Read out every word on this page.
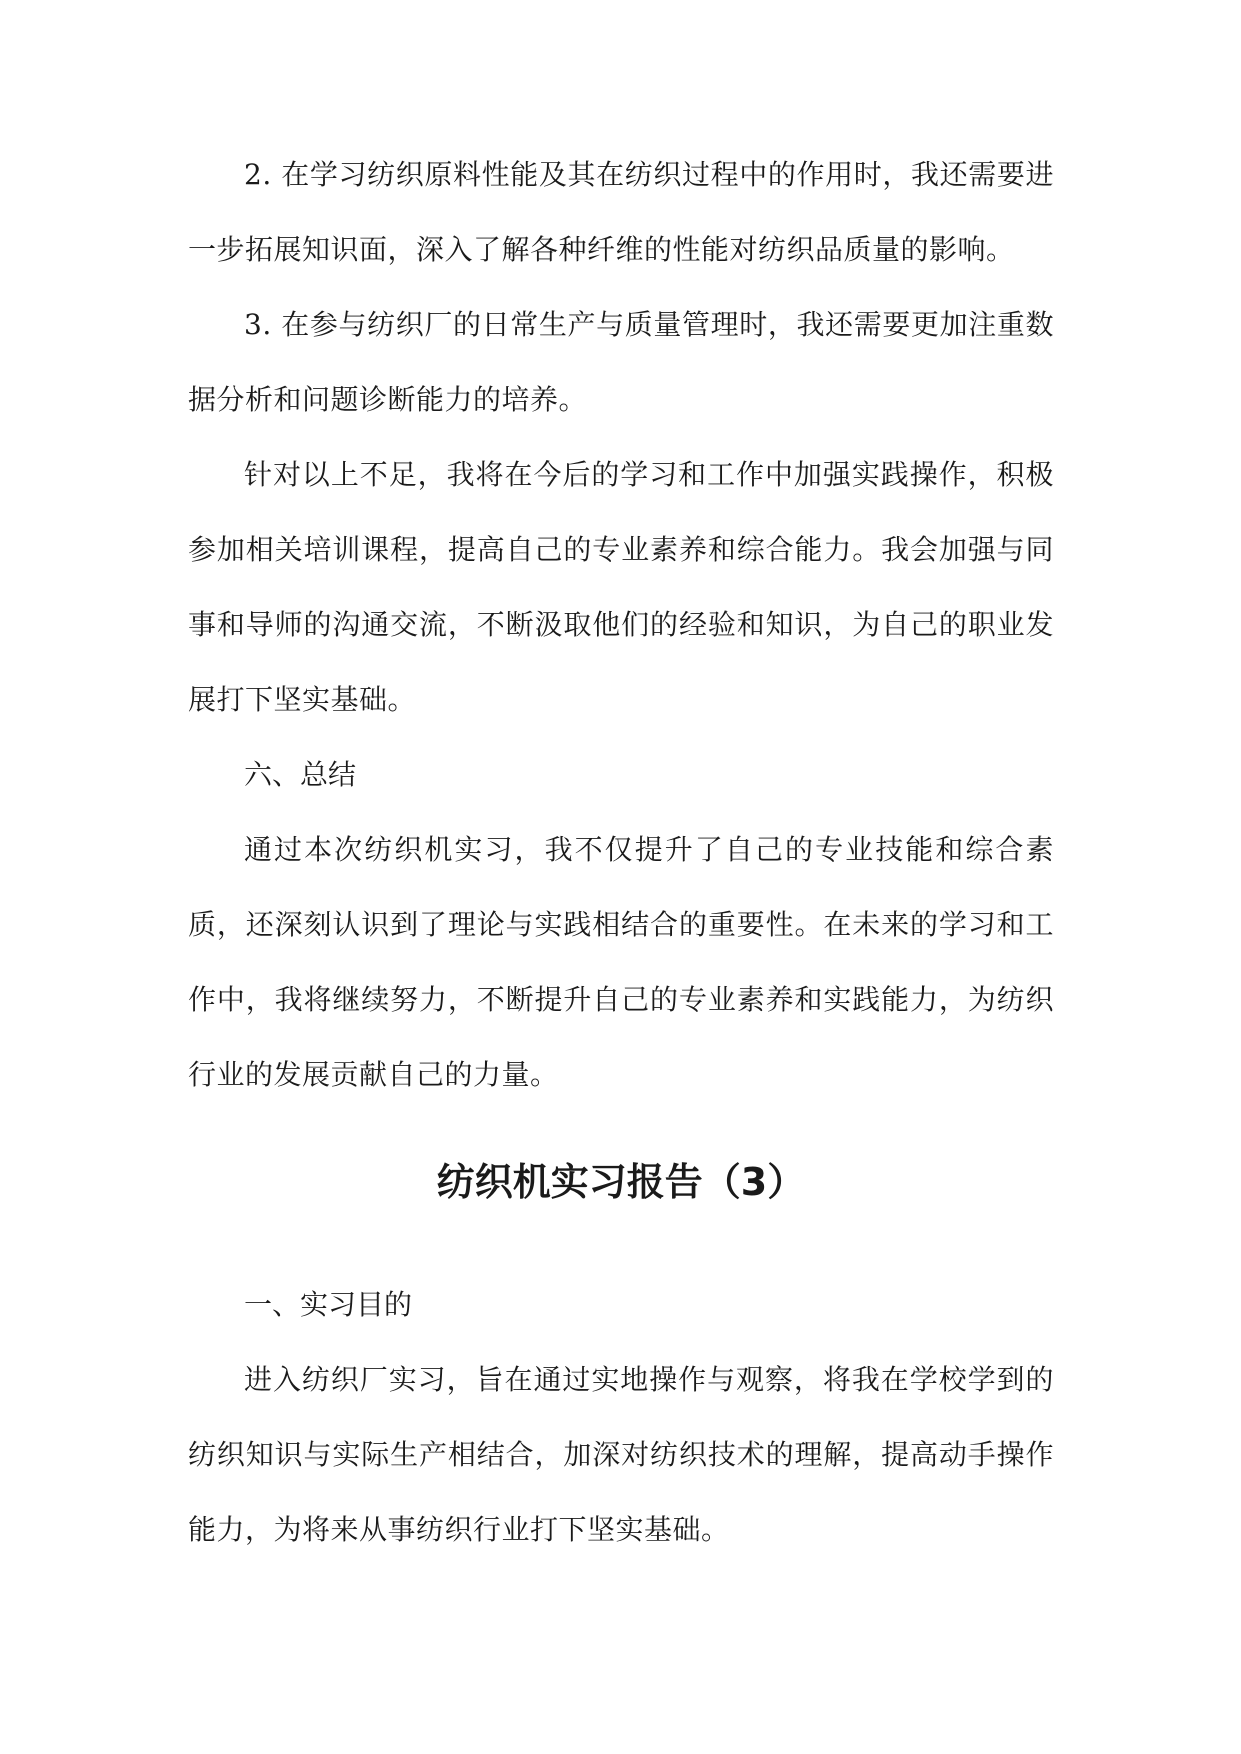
2. 在学习纺织原料性能及其在纺织过程中的作用时，我还需要进一步拓展知识面，深入了解各种纤维的性能对纺织品质量的影响。

3. 在参与纺织厂的日常生产与质量管理时，我还需要更加注重数据分析和问题诊断能力的培养。

针对以上不足，我将在今后的学习和工作中加强实践操作，积极参加相关培训课程，提高自己的专业素养和综合能力。我会加强与同事和导师的沟通交流，不断汲取他们的经验和知识，为自己的职业发展打下坚实基础。

六、总结

通过本次纺织机实习，我不仅提升了自己的专业技能和综合素质，还深刻认识到了理论与实践相结合的重要性。在未来的学习和工作中，我将继续努力，不断提升自己的专业素养和实践能力，为纺织行业的发展贡献自己的力量。

纺织机实习报告（3）

一、实习目的

进入纺织厂实习，旨在通过实地操作与观察，将我在学校学到的纺织知识与实际生产相结合，加深对纺织技术的理解，提高动手操作能力，为将来从事纺织行业打下坚实基础。
